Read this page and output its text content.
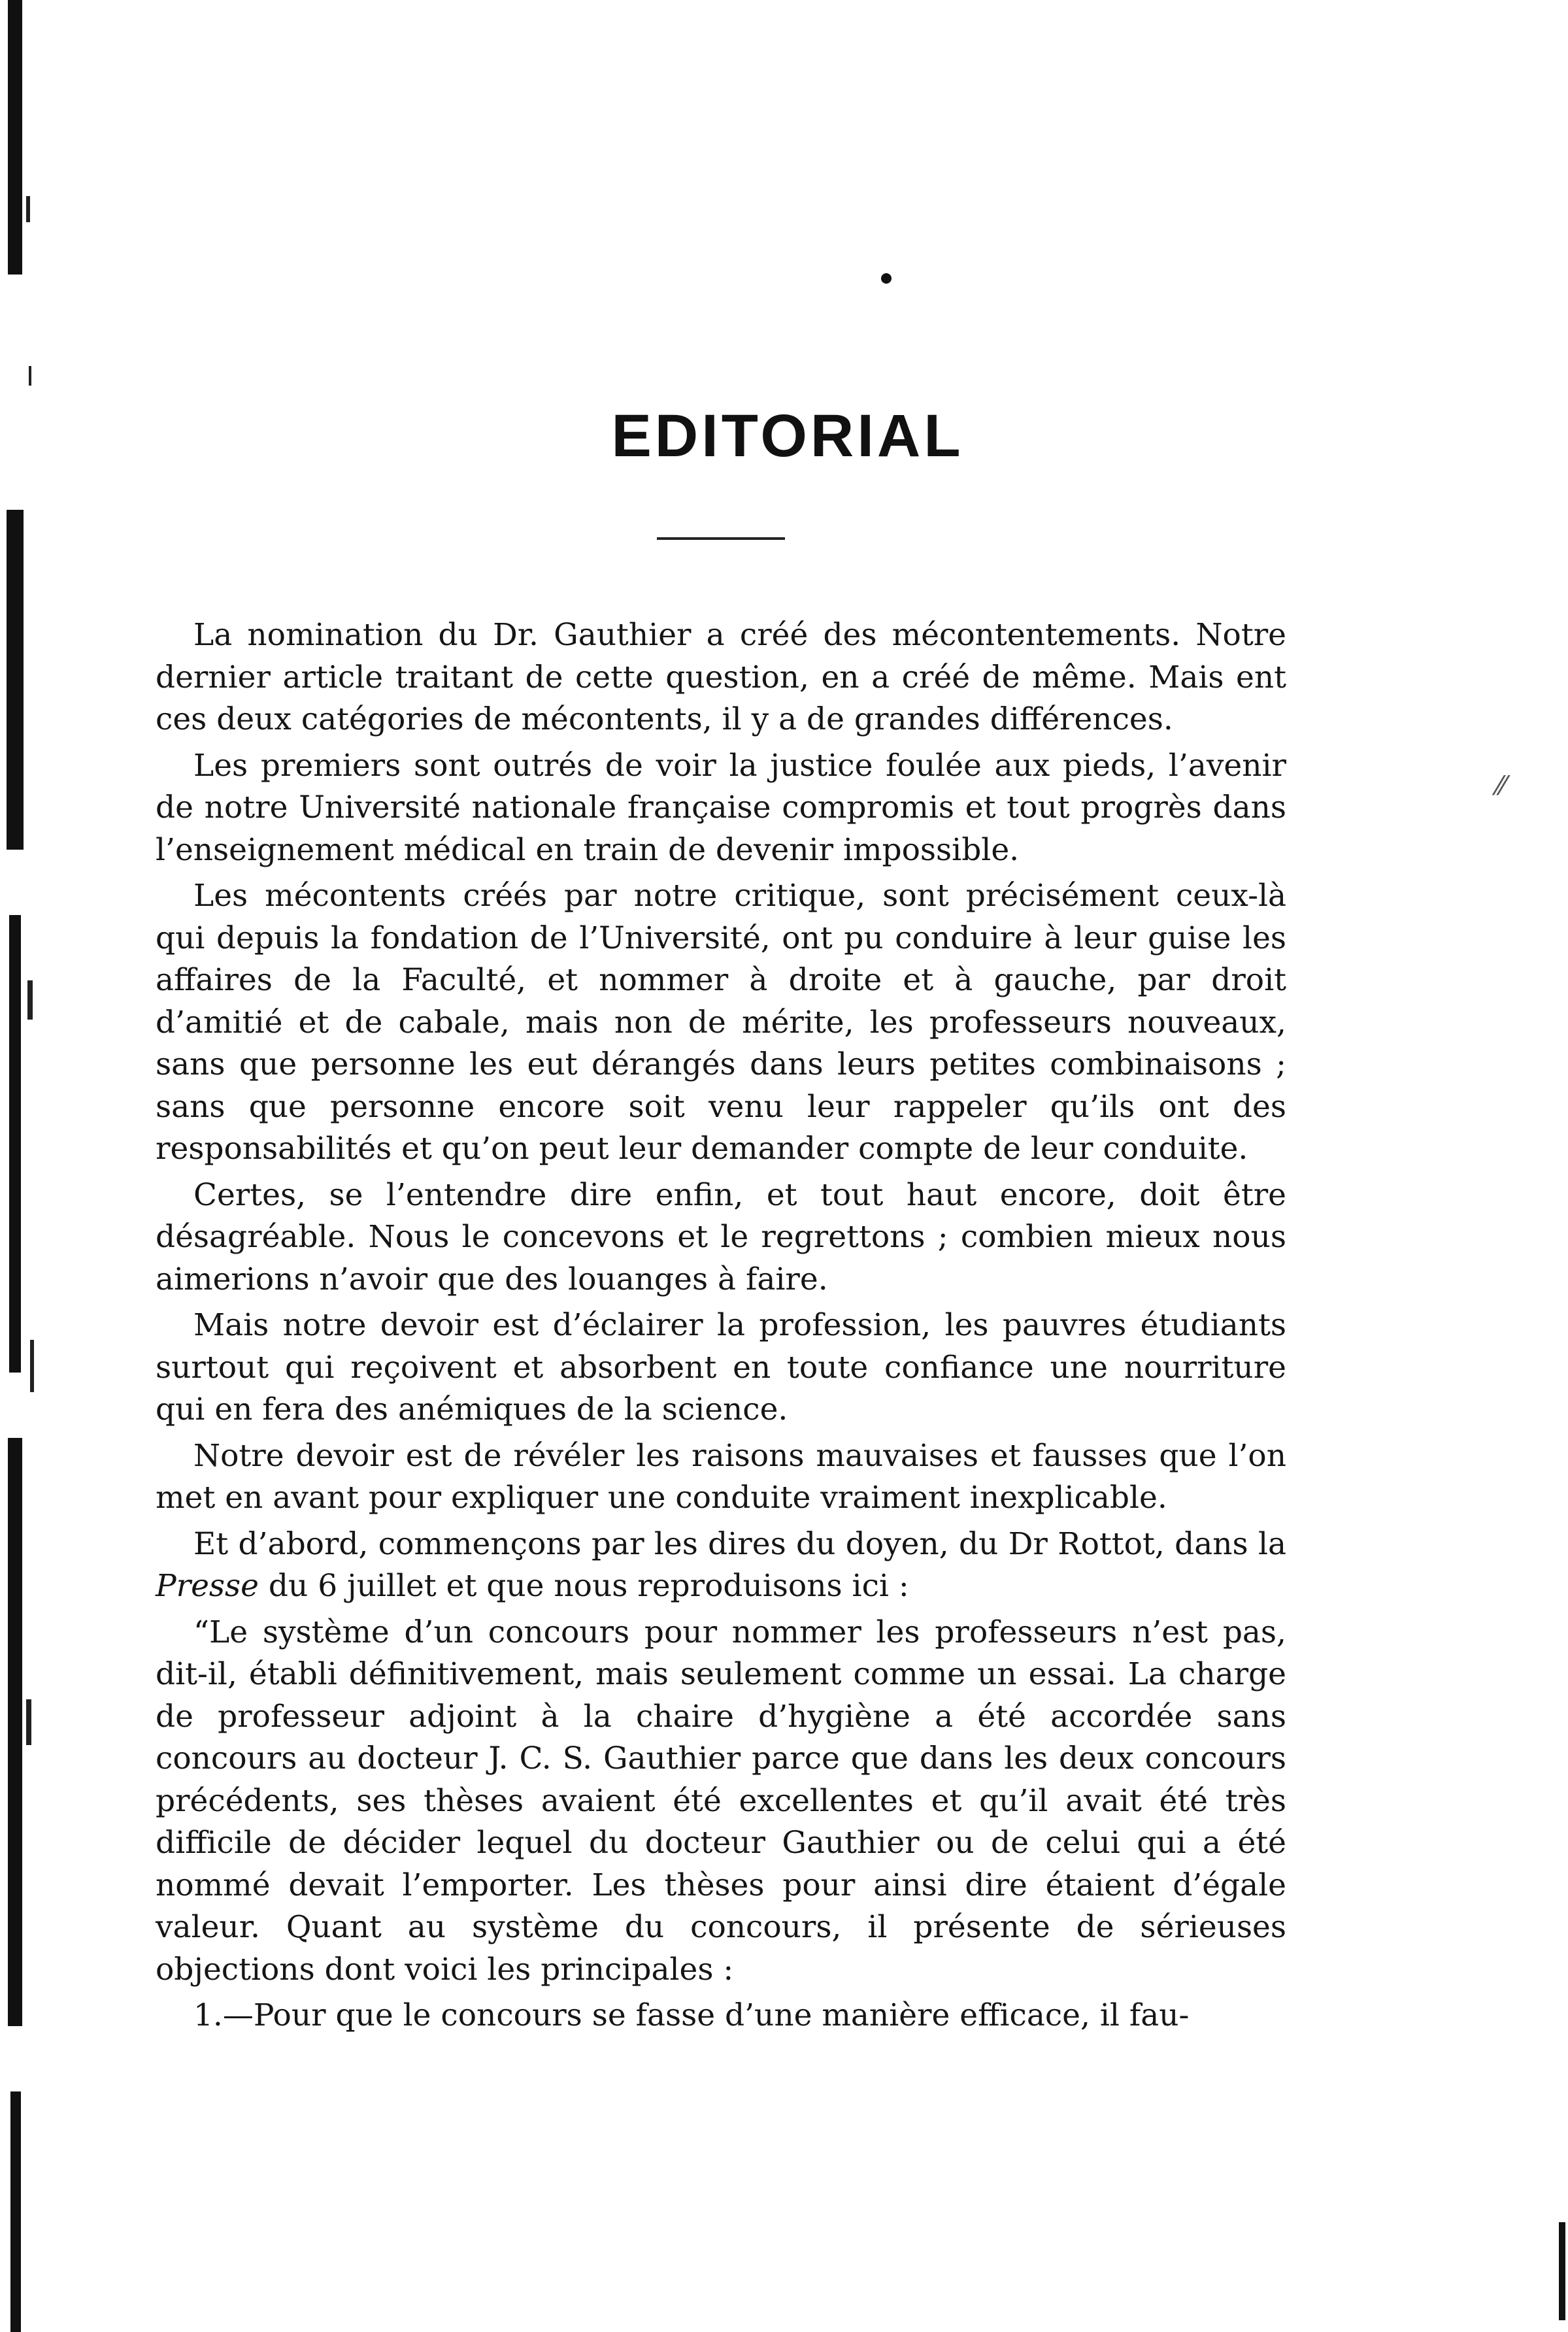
⁄⁄
EDITORIAL

La nomination du Dr. Gauthier a créé des mécontentements. Notre dernier article traitant de cette question, en a créé de même. Mais ent ces deux catégories de mécontents, il y a de grandes différences.

Les premiers sont outrés de voir la justice foulée aux pieds, l’avenir de notre Université nationale française compromis et tout progrès dans l’enseignement médical en train de devenir impossible.

Les mécontents créés par notre critique, sont précisément ceux-là qui depuis la fondation de l’Université, ont pu conduire à leur guise les affaires de la Faculté, et nommer à droite et à gauche, par droit d’amitié et de cabale, mais non de mérite, les professeurs nouveaux, sans que personne les eut dérangés dans leurs petites combinaisons ; sans que personne encore soit venu leur rappeler qu’ils ont des responsabilités et qu’on peut leur demander compte de leur conduite.

Certes, se l’entendre dire enfin, et tout haut encore, doit être désagréable. Nous le concevons et le regrettons ; combien mieux nous aimerions n’avoir que des louanges à faire.

Mais notre devoir est d’éclairer la profession, les pauvres étudiants surtout qui reçoivent et absorbent en toute confiance une nourriture qui en fera des anémiques de la science.

Notre devoir est de révéler les raisons mauvaises et fausses que l’on met en avant pour expliquer une conduite vraiment inexplicable.

Et d’abord, commençons par les dires du doyen, du Dr Rottot, dans la Presse du 6 juillet et que nous reproduisons ici :

“Le système d’un concours pour nommer les professeurs n’est pas, dit-il, établi définitivement, mais seulement comme un essai. La charge de professeur adjoint à la chaire d’hygiène a été accordée sans concours au docteur J. C. S. Gauthier parce que dans les deux concours précédents, ses thèses avaient été excellentes et qu’il avait été très difficile de décider lequel du docteur Gauthier ou de celui qui a été nommé devait l’emporter. Les thèses pour ainsi dire étaient d’égale valeur. Quant au système du concours, il présente de sérieuses objections dont voici les principales :

1.—Pour que le concours se fasse d’une manière efficace, il fau-
